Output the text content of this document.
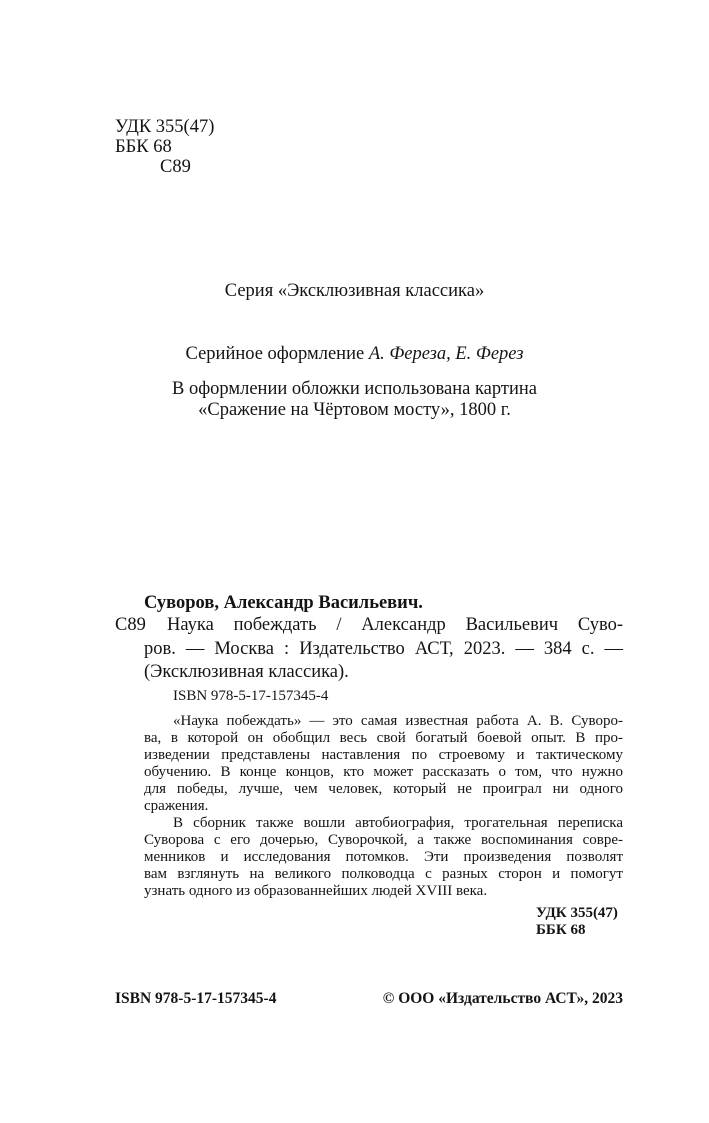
УДК 355(47)
ББК 68
С89
Серия «Эксклюзивная классика»
Серийное оформление А. Фереза, Е. Ферез
В оформлении обложки использована картина
«Сражение на Чёртовом мосту», 1800 г.
Суворов, Александр Васильевич.
С89 Наука побеждать / Александр Васильевич Суво-
ров. — Москва : Издательство АСТ, 2023. — 384 с. —
(Эксклюзивная классика).
ISBN 978-5-17-157345-4
«Наука побеждать» — это самая известная работа А. В. Суворо-
ва, в которой он обобщил весь свой богатый боевой опыт. В про-
изведении представлены наставления по строевому и тактическому
обучению. В конце концов, кто может рассказать о том, что нужно
для победы, лучше, чем человек, который не проиграл ни одного
сражения.
В сборник также вошли автобиография, трогательная переписка
Суворова с его дочерью, Суворочкой, а также воспоминания совре-
менников и исследования потомков. Эти произведения позволят
вам взглянуть на великого полководца с разных сторон и помогут
узнать одного из образованнейших людей XVIII века.
УДК 355(47)
ББК 68
ISBN 978-5-17-157345-4	© ООО «Издательство АСТ», 2023
